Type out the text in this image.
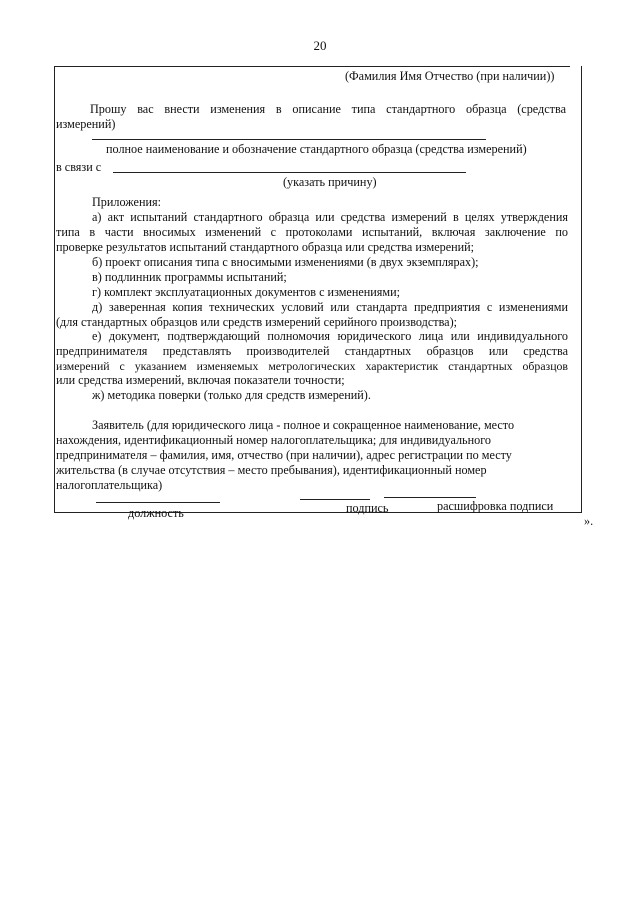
20
(Фамилия Имя Отчество (при наличии))
Прошу вас внести изменения в описание типа стандартного образца (средства
измерений)
полное наименование и обозначение стандартного образца (средства измерений)
в связи с
(указать причину)
Приложения:
а) акт испытаний стандартного образца или средства измерений в целях утверждения
типа в части вносимых изменений с протоколами испытаний, включая заключение по
проверке результатов испытаний стандартного образца или средства измерений;
б) проект описания типа с вносимыми изменениями (в двух экземплярах);
в) подлинник программы испытаний;
г) комплект эксплуатационных документов с изменениями;
д) заверенная копия технических условий или стандарта предприятия с изменениями
(для стандартных образцов или средств измерений серийного производства);
е) документ, подтверждающий полномочия юридического лица или индивидуального
предпринимателя представлять производителей стандартных образцов или средства
измерений с указанием изменяемых метрологических характеристик стандартных образцов
или средства измерений, включая показатели точности;
ж) методика поверки (только для средств измерений).
Заявитель (для юридического лица - полное и сокращенное наименование, место
нахождения, идентификационный номер налогоплательщика; для индивидуального
предпринимателя – фамилия, имя, отчество (при наличии), адрес регистрации по месту
жительства (в случае отсутствия – место пребывания), идентификационный номер
налогоплательщика)
должность	подпись	расшифровка подписи
».
